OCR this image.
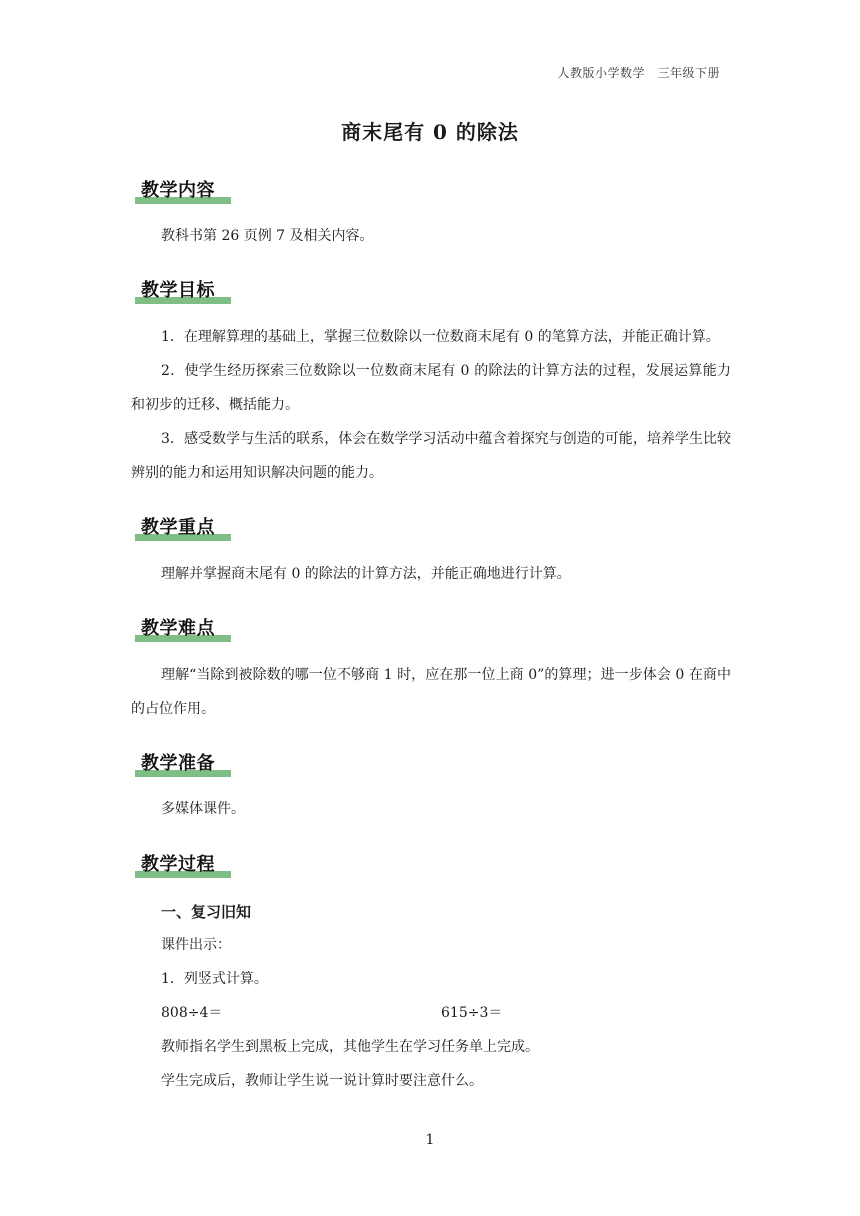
人教版小学数学　三年级下册
商末尾有 0 的除法
教学内容
教科书第 26 页例 7 及相关内容。
教学目标
1．在理解算理的基础上，掌握三位数除以一位数商末尾有 0 的笔算方法，并能正确计算。
2．使学生经历探索三位数除以一位数商末尾有 0 的除法的计算方法的过程，发展运算能力和初步的迁移、概括能力。
3．感受数学与生活的联系，体会在数学学习活动中蕴含着探究与创造的可能，培养学生比较辨别的能力和运用知识解决问题的能力。
教学重点
理解并掌握商末尾有 0 的除法的计算方法，并能正确地进行计算。
教学难点
理解“当除到被除数的哪一位不够商 1 时，应在那一位上商 0”的算理；进一步体会 0 在商中的占位作用。
教学准备
多媒体课件。
教学过程
一、复习旧知
课件出示：
1．列竖式计算。
808÷4＝	615÷3＝
教师指名学生到黑板上完成，其他学生在学习任务单上完成。
学生完成后，教师让学生说一说计算时要注意什么。
1
